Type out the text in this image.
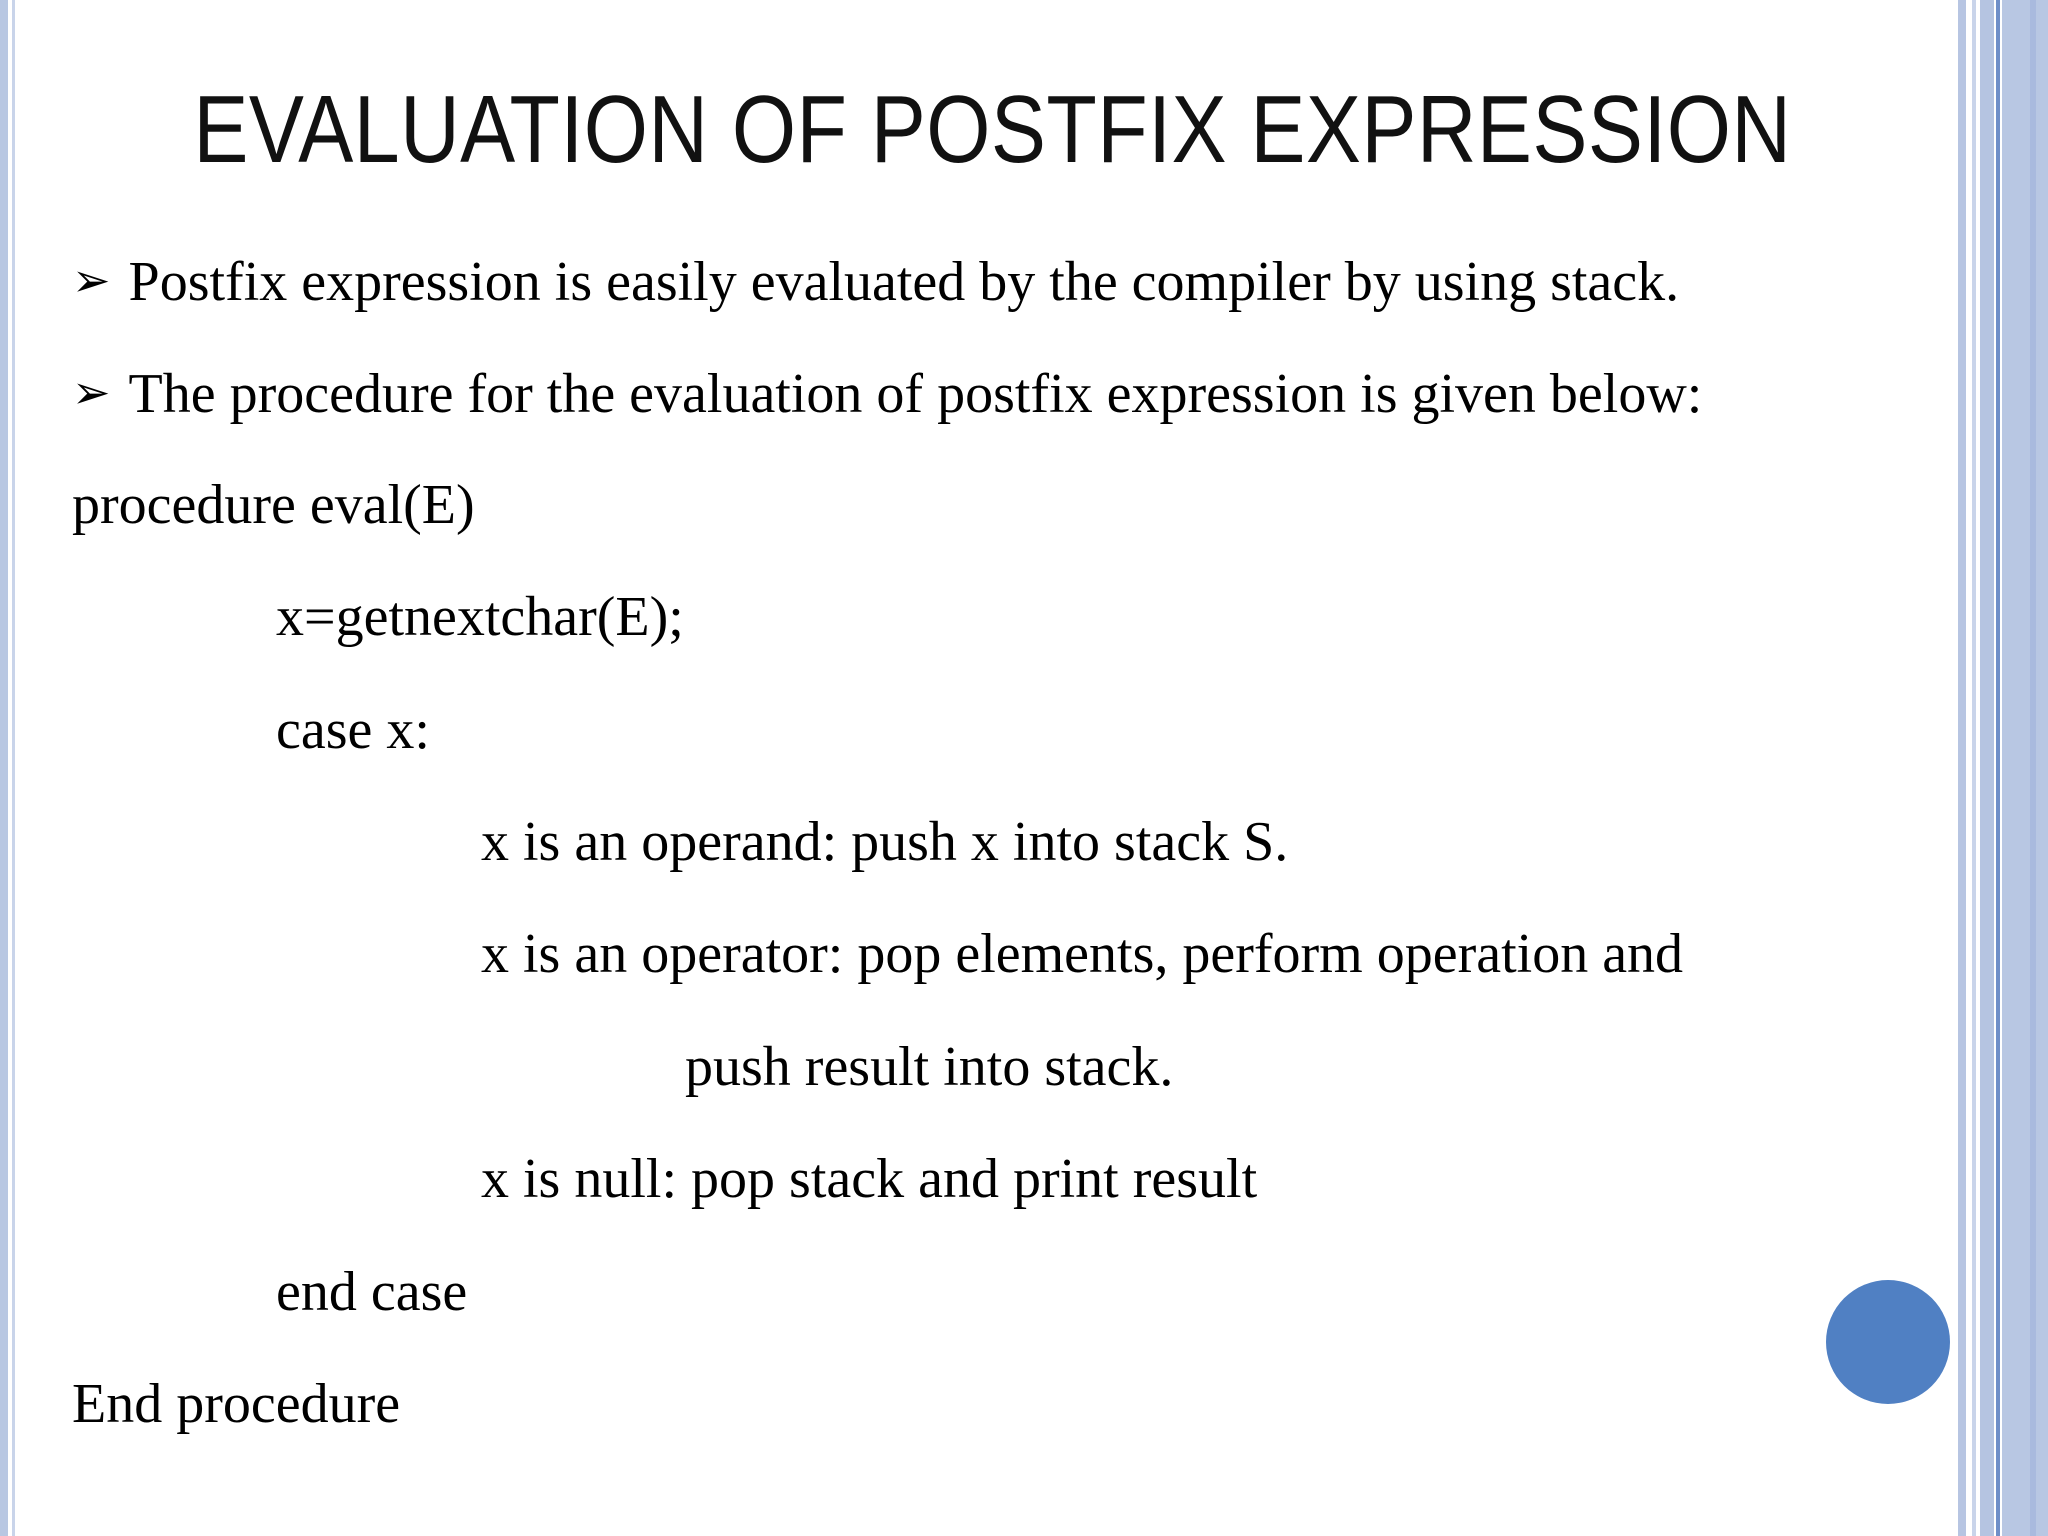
EVALUATION OF POSTFIX EXPRESSION
➢ Postfix expression is easily evaluated by the compiler by using stack.
➢ The procedure for the evaluation of postfix expression is given below:
procedure eval(E)
x=getnextchar(E);
case x:
x is an operand: push x into stack S.
x is an operator: pop elements, perform operation and
push result into stack.
x is null: pop stack and print result
end case
End procedure
